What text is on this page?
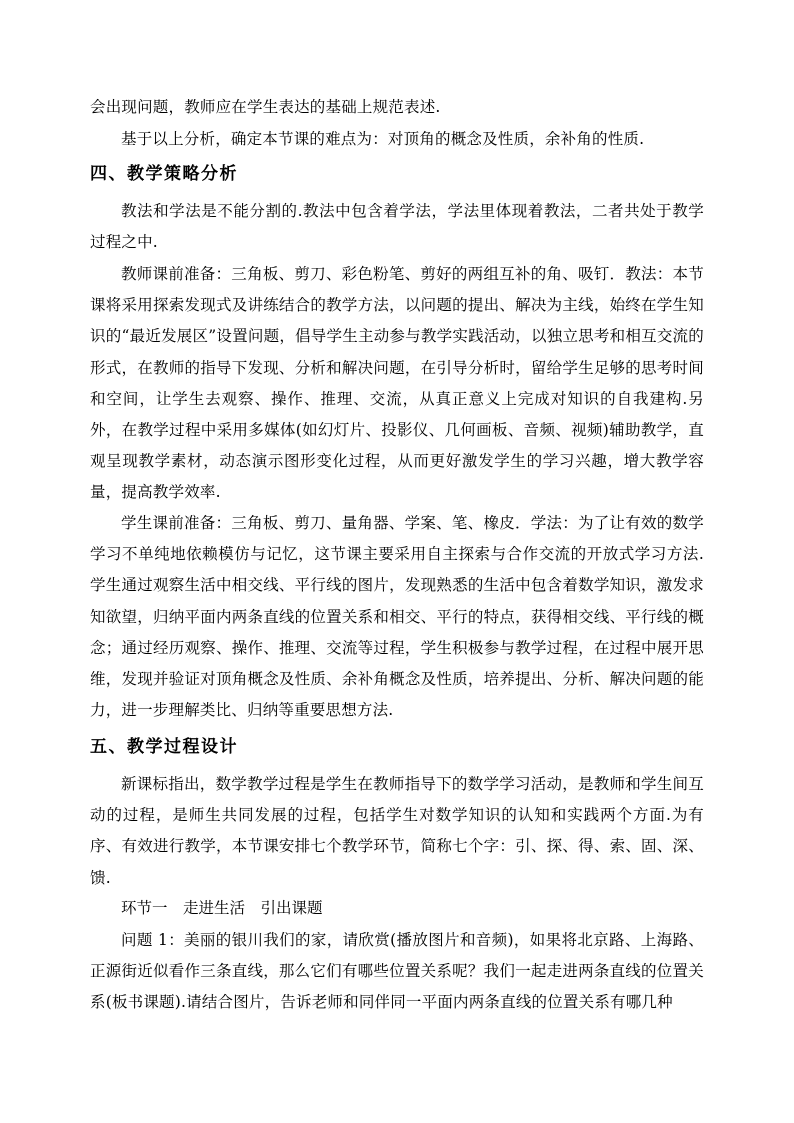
会出现问题，教师应在学生表达的基础上规范表述.

基于以上分析，确定本节课的难点为：对顶角的概念及性质，余补角的性质.

四、教学策略分析

教法和学法是不能分割的.教法中包含着学法，学法里体现着教法，二者共处于教学过程之中.

教师课前准备：三角板、剪刀、彩色粉笔、剪好的两组互补的角、吸钉．教法：本节课将采用探索发现式及讲练结合的教学方法，以问题的提出、解决为主线，始终在学生知识的“最近发展区”设置问题，倡导学生主动参与教学实践活动，以独立思考和相互交流的形式，在教师的指导下发现、分析和解决问题，在引导分析时，留给学生足够的思考时间和空间，让学生去观察、操作、推理、交流，从真正意义上完成对知识的自我建构.另外，在教学过程中采用多媒体(如幻灯片、投影仪、几何画板、音频、视频)辅助教学，直观呈现教学素材，动态演示图形变化过程，从而更好激发学生的学习兴趣，增大教学容量，提高教学效率.

学生课前准备：三角板、剪刀、量角器、学案、笔、橡皮．学法：为了让有效的数学学习不单纯地依赖模仿与记忆，这节课主要采用自主探索与合作交流的开放式学习方法.学生通过观察生活中相交线、平行线的图片，发现熟悉的生活中包含着数学知识，激发求知欲望，归纳平面内两条直线的位置关系和相交、平行的特点，获得相交线、平行线的概念；通过经历观察、操作、推理、交流等过程，学生积极参与教学过程，在过程中展开思维，发现并验证对顶角概念及性质、余补角概念及性质，培养提出、分析、解决问题的能力，进一步理解类比、归纳等重要思想方法.

五、教学过程设计

新课标指出，数学教学过程是学生在教师指导下的数学学习活动，是教师和学生间互动的过程，是师生共同发展的过程，包括学生对数学知识的认知和实践两个方面.为有序、有效进行教学，本节课安排七个教学环节，简称七个字：引、探、得、索、固、深、馈.

环节一　走进生活　引出课题

问题 1：美丽的银川我们的家，请欣赏(播放图片和音频)，如果将北京路、上海路、正源街近似看作三条直线，那么它们有哪些位置关系呢？我们一起走进两条直线的位置关系(板书课题).请结合图片，告诉老师和同伴同一平面内两条直线的位置关系有哪几种
